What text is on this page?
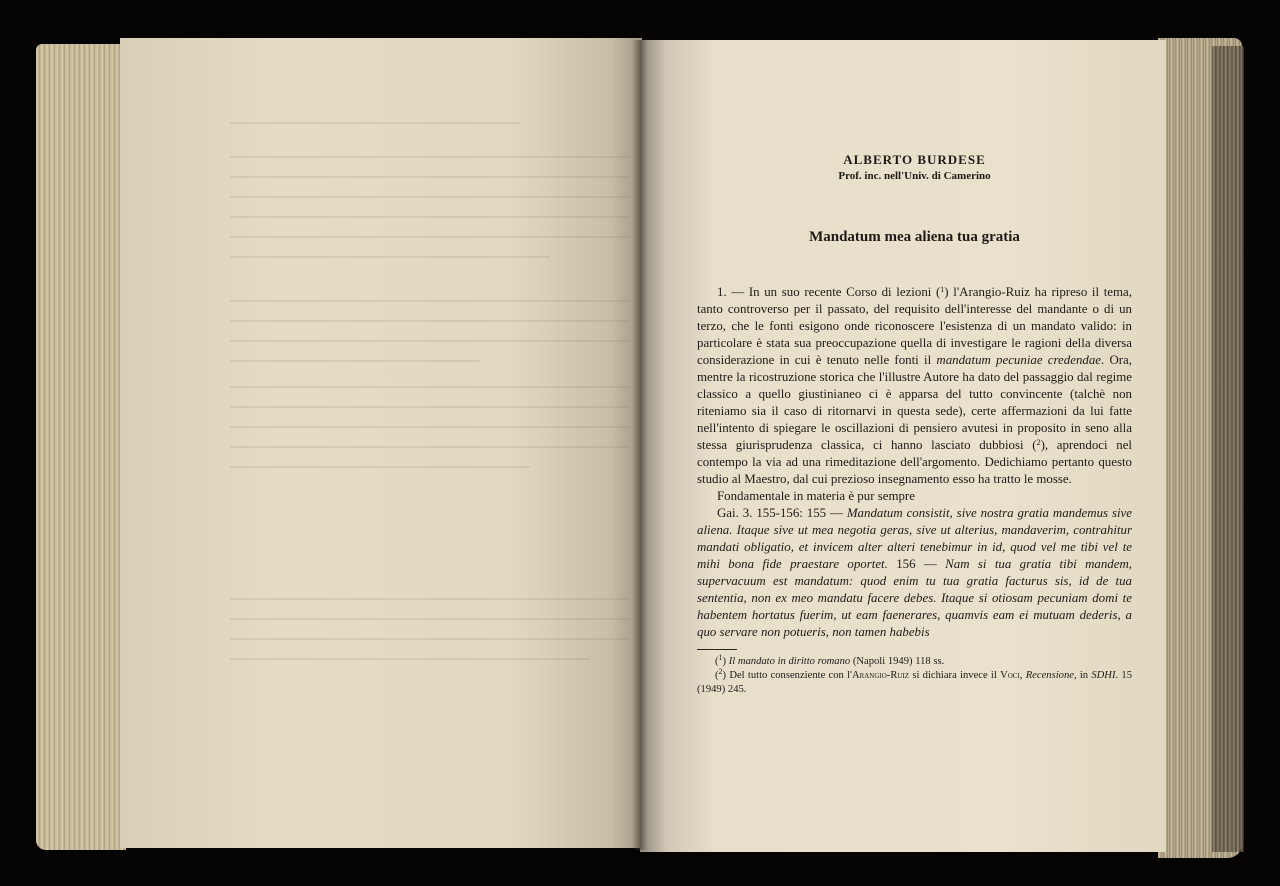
ALBERTO BURDESE
Prof. inc. nell'Univ. di Camerino
Mandatum mea aliena tua gratia

1. — In un suo recente Corso di lezioni ($^1$) l'Arangio-Ruiz ha ripreso il tema, tanto controverso per il passato, del requisito dell'interesse del mandante o di un terzo, che le fonti esigono onde riconoscere l'esistenza di un mandato valido: in particolare è stata sua preoccupazione quella di investigare le ragioni della diversa considerazione in cui è tenuto nelle fonti il mandatum pecuniae credendae. Ora, mentre la ricostruzione storica che l'illustre Autore ha dato del passaggio dal regime classico a quello giustinianeo ci è apparsa del tutto convincente (talchè non riteniamo sia il caso di ritornarvi in questa sede), certe affermazioni da lui fatte nell'intento di spiegare le oscillazioni di pensiero avutesi in proposito in seno alla stessa giurisprudenza classica, ci hanno lasciato dubbiosi ($^2$), aprendoci nel contempo la via ad una rimeditazione dell'argomento. Dedichiamo pertanto questo studio al Maestro, dal cui prezioso insegnamento esso ha tratto le mosse.

Fondamentale in materia è pur sempre

Gai. 3. 155-156: 155 — Mandatum consistit, sive nostra gratia mandemus sive aliena. Itaque sive ut mea negotia geras, sive ut alterius, mandaverim, contrahitur mandati obligatio, et invicem alter alteri tenebimur in id, quod vel me tibi vel te mihi bona fide praestare oportet. 156 — Nam si tua gratia tibi mandem, supervacuum est mandatum: quod enim tu tua gratia facturus sis, id de tua sententia, non ex meo mandatu facere debes. Itaque si otiosam pecuniam domi te habentem hortatus fuerim, ut eam faenerares, quamvis eam ei mutuam dederis, a quo servare non potueris, non tamen habebis

($^1$) Il mandato in diritto romano (Napoli 1949) 118 ss.

($^2$) Del tutto consenziente con l'Arangio-Ruiz si dichiara invece il Voci, Recensione, in SDHI. 15 (1949) 245.
